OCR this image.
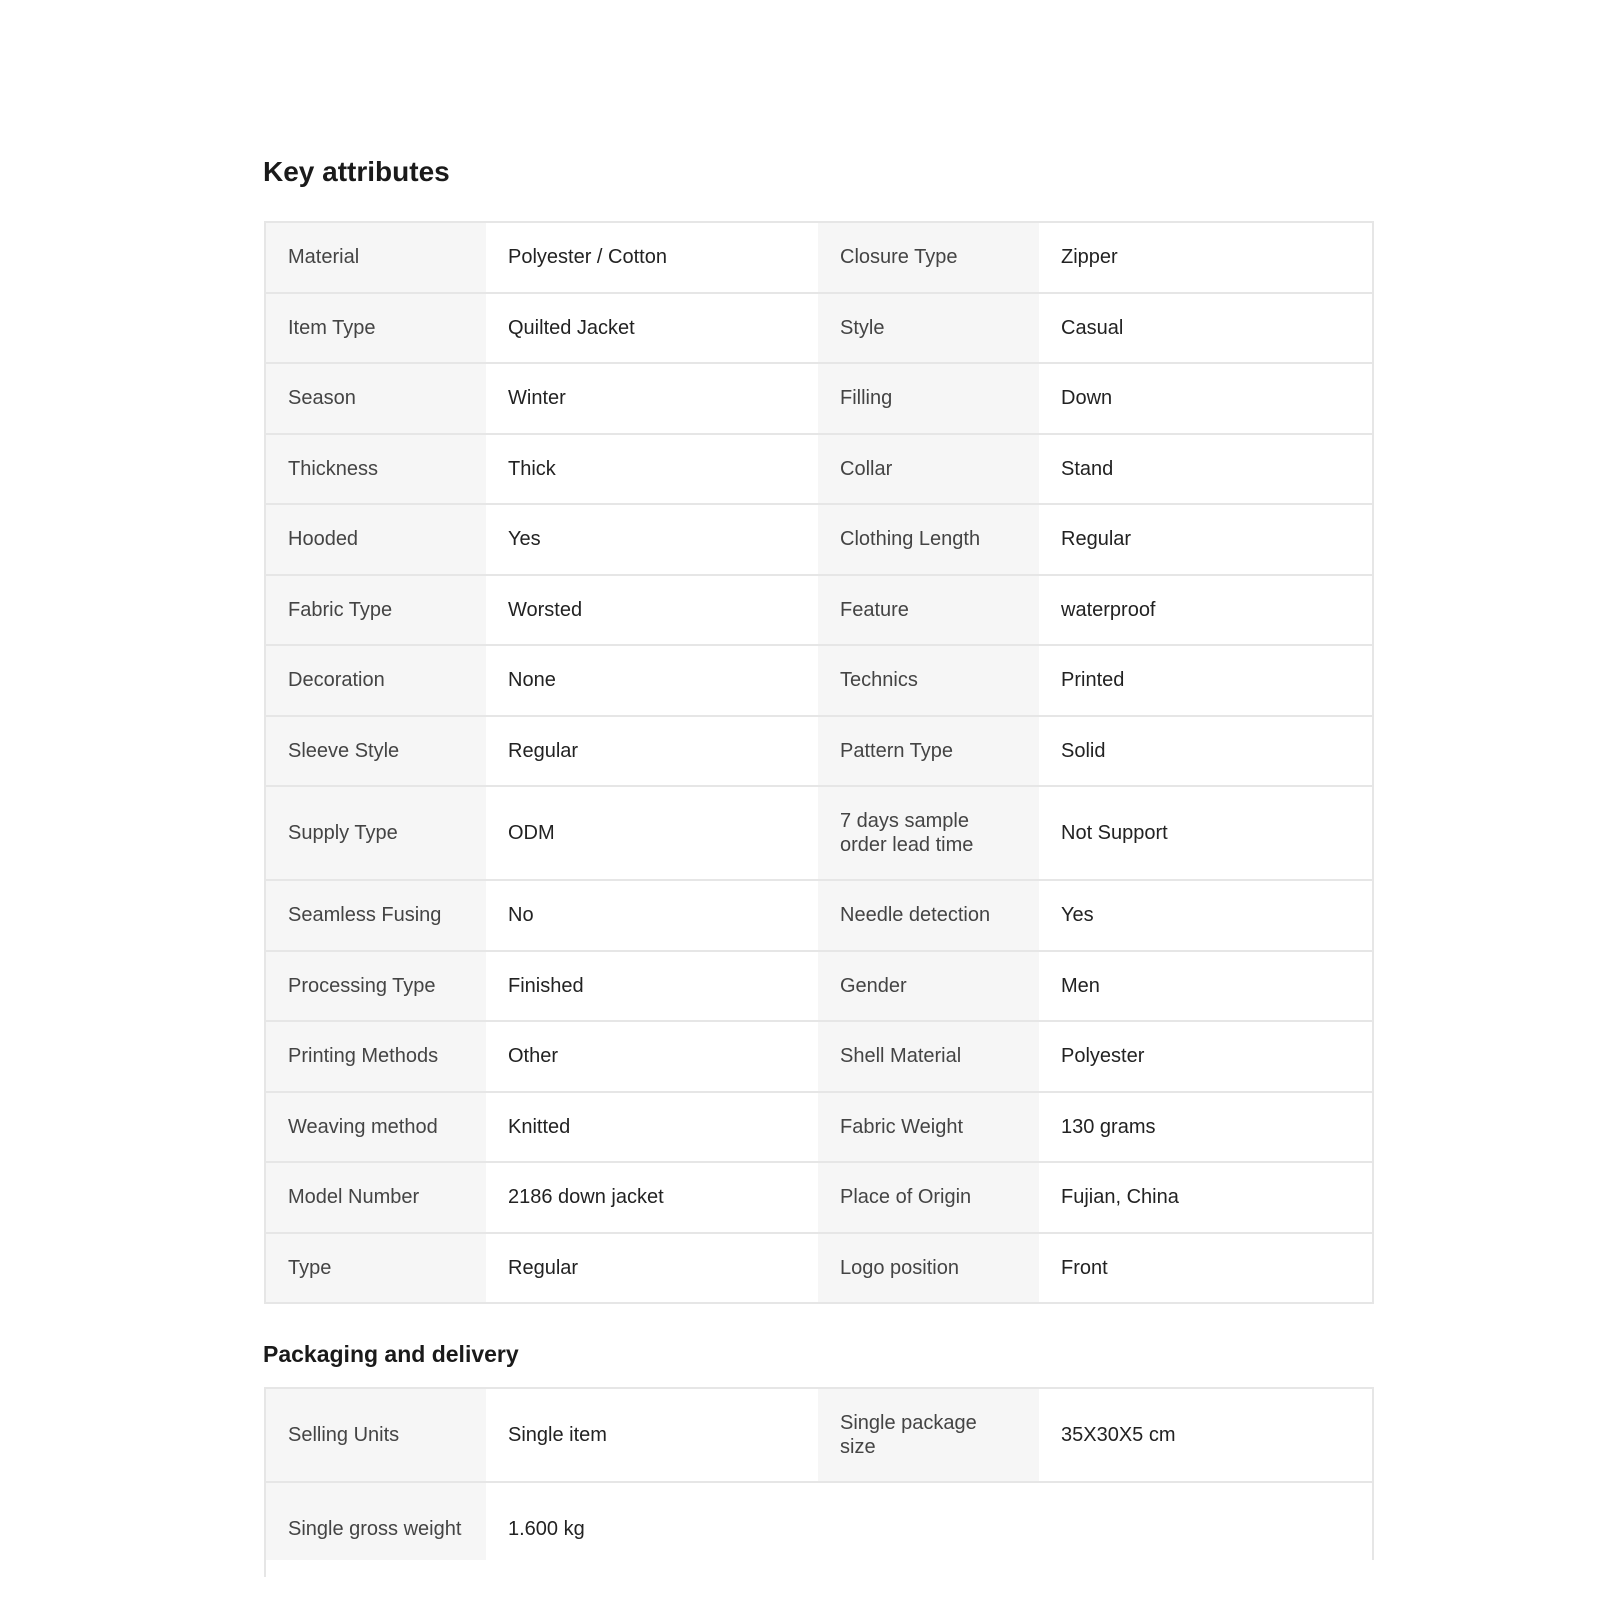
Key attributes
Material	Polyester / Cotton	Closure Type	Zipper
Item Type	Quilted Jacket	Style	Casual
Season	Winter	Filling	Down
Thickness	Thick	Collar	Stand
Hooded	Yes	Clothing Length	Regular
Fabric Type	Worsted	Feature	waterproof
Decoration	None	Technics	Printed
Sleeve Style	Regular	Pattern Type	Solid
Supply Type	ODM	7 days sample order lead time	Not Support
Seamless Fusing	No	Needle detection	Yes
Processing Type	Finished	Gender	Men
Printing Methods	Other	Shell Material	Polyester
Weaving method	Knitted	Fabric Weight	130 grams
Model Number	2186 down jacket	Place of Origin	Fujian, China
Type	Regular	Logo position	Front
Packaging and delivery
Selling Units	Single item	Single package size	35X30X5 cm
Single gross weight	1.600 kg		
